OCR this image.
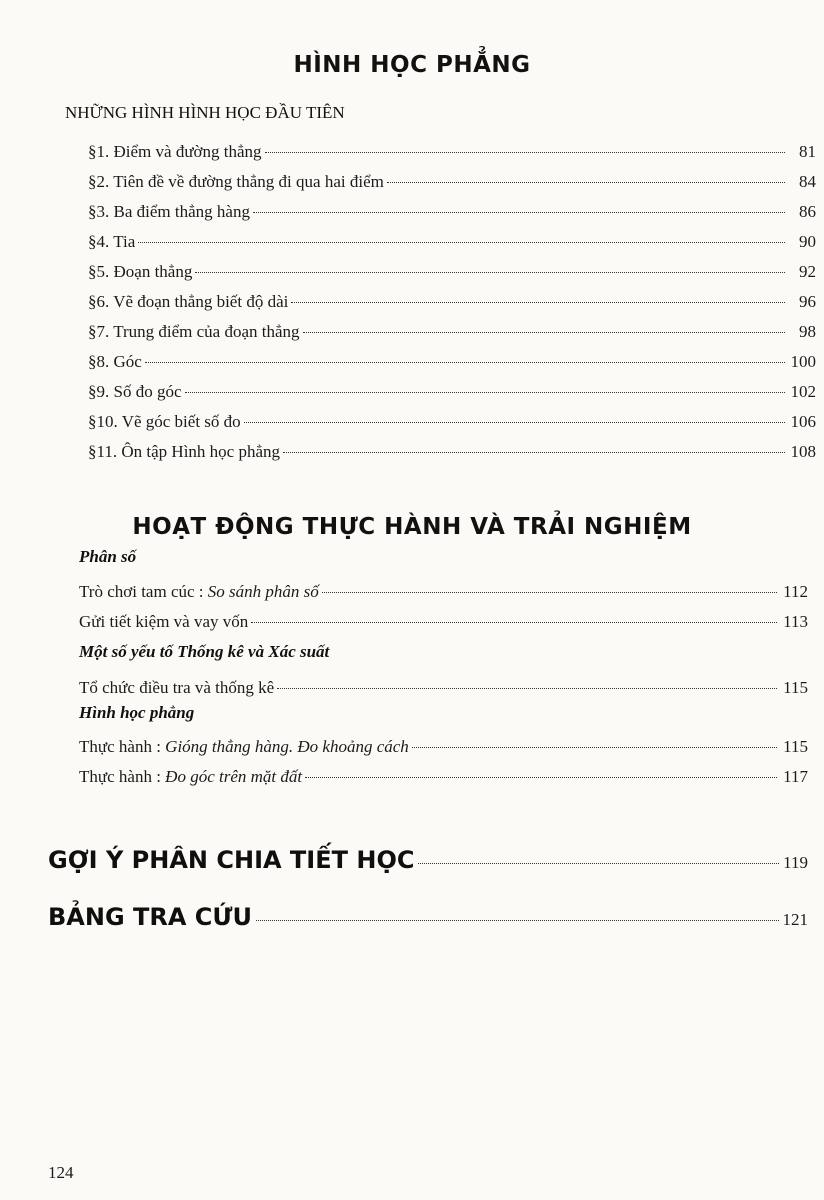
HÌNH HỌC PHẲNG
NHỮNG HÌNH HÌNH HỌC ĐẦU TIÊN
§1. Điểm và đường thẳng	81
§2. Tiên đề về đường thẳng đi qua hai điểm	84
§3. Ba điểm thẳng hàng	86
§4. Tia	90
§5. Đoạn thẳng	92
§6. Vẽ đoạn thẳng biết độ dài	96
§7. Trung điểm của đoạn thẳng	98
§8. Góc	100
§9. Số đo góc	102
§10. Vẽ góc biết số đo	106
§11. Ôn tập Hình học phẳng	108
HOẠT ĐỘNG THỰC HÀNH VÀ TRẢI NGHIỆM
Phân số
Trò chơi tam cúc : So sánh phân số	112
Gửi tiết kiệm và vay vốn	113
Một số yếu tố Thống kê và Xác suất
Tổ chức điều tra và thống kê	115
Hình học phẳng
Thực hành : Gióng thẳng hàng. Đo khoảng cách	115
Thực hành : Đo góc trên mặt đất	117
GỢI Ý PHÂN CHIA TIẾT HỌC	119
BẢNG TRA CỨU	121
124
